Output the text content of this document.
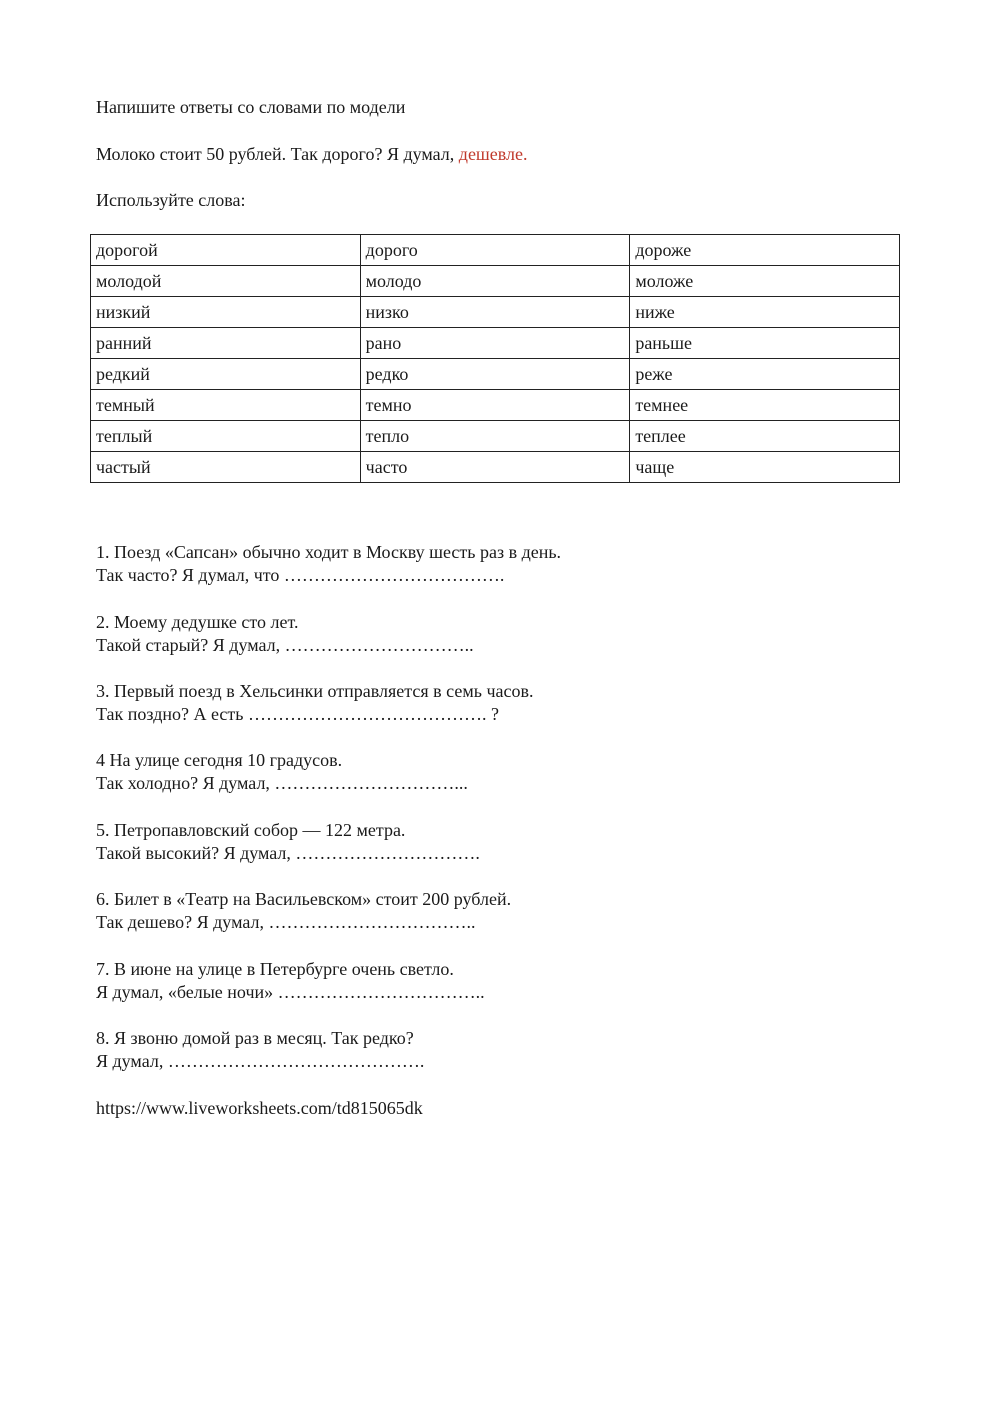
Напишите ответы со словами по модели
Молоко стоит 50 рублей. Так дорого? Я думал, дешевле.
Используйте слова:
дорогой	дорого	дороже
молодой	молодо	моложе
низкий	низко	ниже
ранний	рано	раньше
редкий	редко	реже
темный	темно	темнее
теплый	тепло	теплее
частый	часто	чаще
1. Поезд «Сапсан» обычно ходит в Москву шесть раз в день.
Так часто? Я думал, что ……………………………….
2. Моему дедушке сто лет.
Такой старый? Я думал, …………………………..
3. Первый поезд в Хельсинки отправляется в семь часов.
Так поздно? А есть …………………………………. ?
4 На улице сегодня 10 градусов.
Так холодно? Я думал, …………………………...
5. Петропавловский собор — 122 метра.
Такой высокий? Я думал, ………………………….
6. Билет в «Театр на Васильевском» стоит 200 рублей.
Так дешево? Я думал, ……………………………..
7. В июне на улице в Петербурге очень светло.
Я думал, «белые ночи» ……………………………..
8. Я звоню домой раз в месяц. Так редко?
Я думал, …………………………………….
https://www.liveworksheets.com/td815065dk
